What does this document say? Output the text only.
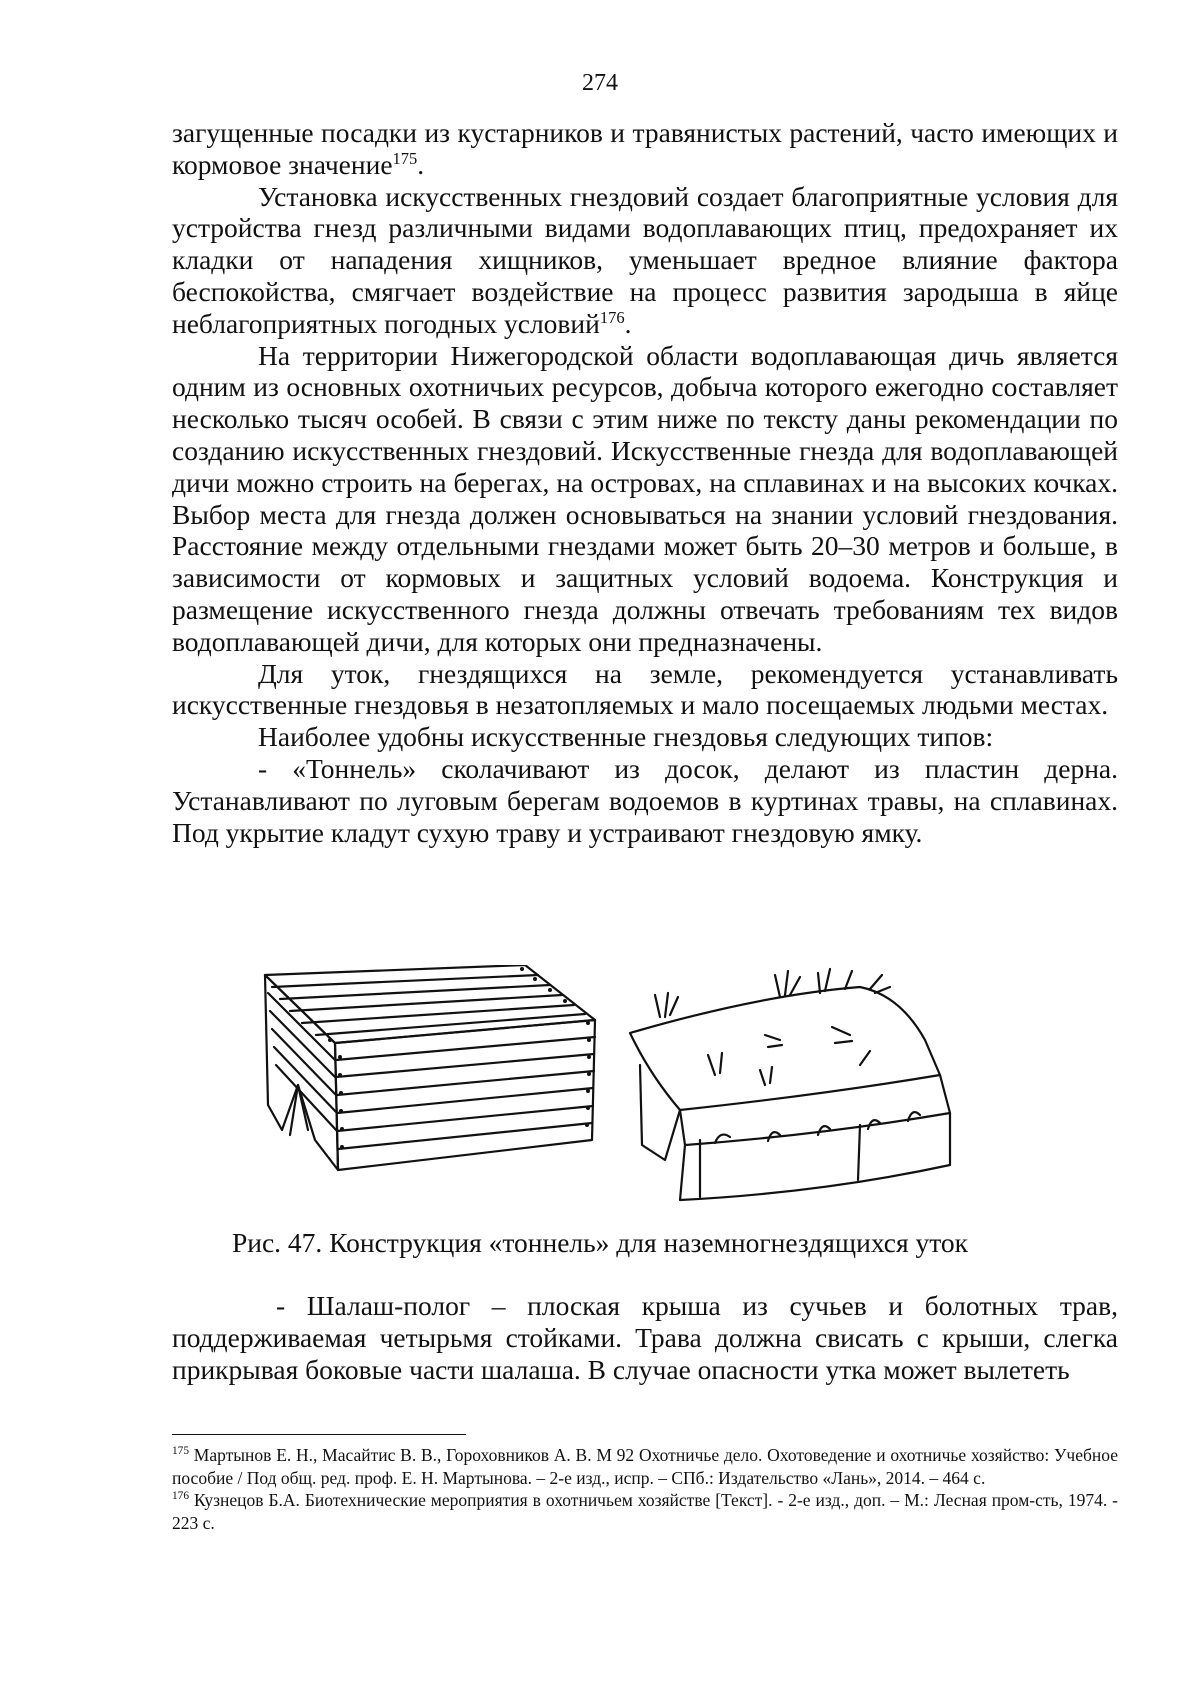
274

загущенные посадки из кустарников и травянистых растений, часто имеющих и кормовое значение$^{175}$.

Установка искусственных гнездовий создает благоприятные условия для устройства гнезд различными видами водоплавающих птиц, предохраняет их кладки от нападения хищников, уменьшает вредное влияние фактора беспокойства, смягчает воздействие на процесс развития зародыша в яйце неблагоприятных погодных условий$^{176}$.

На территории Нижегородской области водоплавающая дичь является одним из основных охотничьих ресурсов, добыча которого ежегодно составляет несколько тысяч особей. В связи с этим ниже по тексту даны рекомендации по созданию искусственных гнездовий. Искусственные гнезда для водоплавающей дичи можно строить на берегах, на островах, на сплавинах и на высоких кочках. Выбор места для гнезда должен основываться на знании условий гнездования. Расстояние между отдельными гнездами может быть 20–30 метров и больше, в зависимости от кормовых и защитных условий водоема. Конструкция и размещение искусственного гнезда должны отвечать требованиям тех видов водоплавающей дичи, для которых они предназначены.

Для уток, гнездящихся на земле, рекомендуется устанавливать искусственные гнездовья в незатопляемых и мало посещаемых людьми местах.

Наиболее удобны искусственные гнездовья следующих типов:

- «Тоннель» сколачивают из досок, делают из пластин дерна. Устанавливают по луговым берегам водоемов в куртинах травы, на сплавинах. Под укрытие кладут сухую траву и устраивают гнездовую ямку.

Рис. 47. Конструкция «тоннель» для наземногнездящихся уток

- Шалаш-полог – плоская крыша из сучьев и болотных трав, поддерживаемая четырьмя стойками. Трава должна свисать с крыши, слегка прикрывая боковые части шалаша. В случае опасности утка может вылететь

$^{175}$ Мартынов Е. Н., Масайтис В. В., Гороховников А. В. М 92 Охотничье дело. Охотоведение и охотничье хозяйство: Учебное пособие / Под общ. ред. проф. Е. Н. Мартынова. – 2-е изд., испр. – СПб.: Издательство «Лань», 2014. – 464 с.

$^{176}$ Кузнецов Б.А. Биотехнические мероприятия в охотничьем хозяйстве [Текст]. - 2-е изд., доп. – М.: Лесная пром-сть, 1974. - 223 с.
